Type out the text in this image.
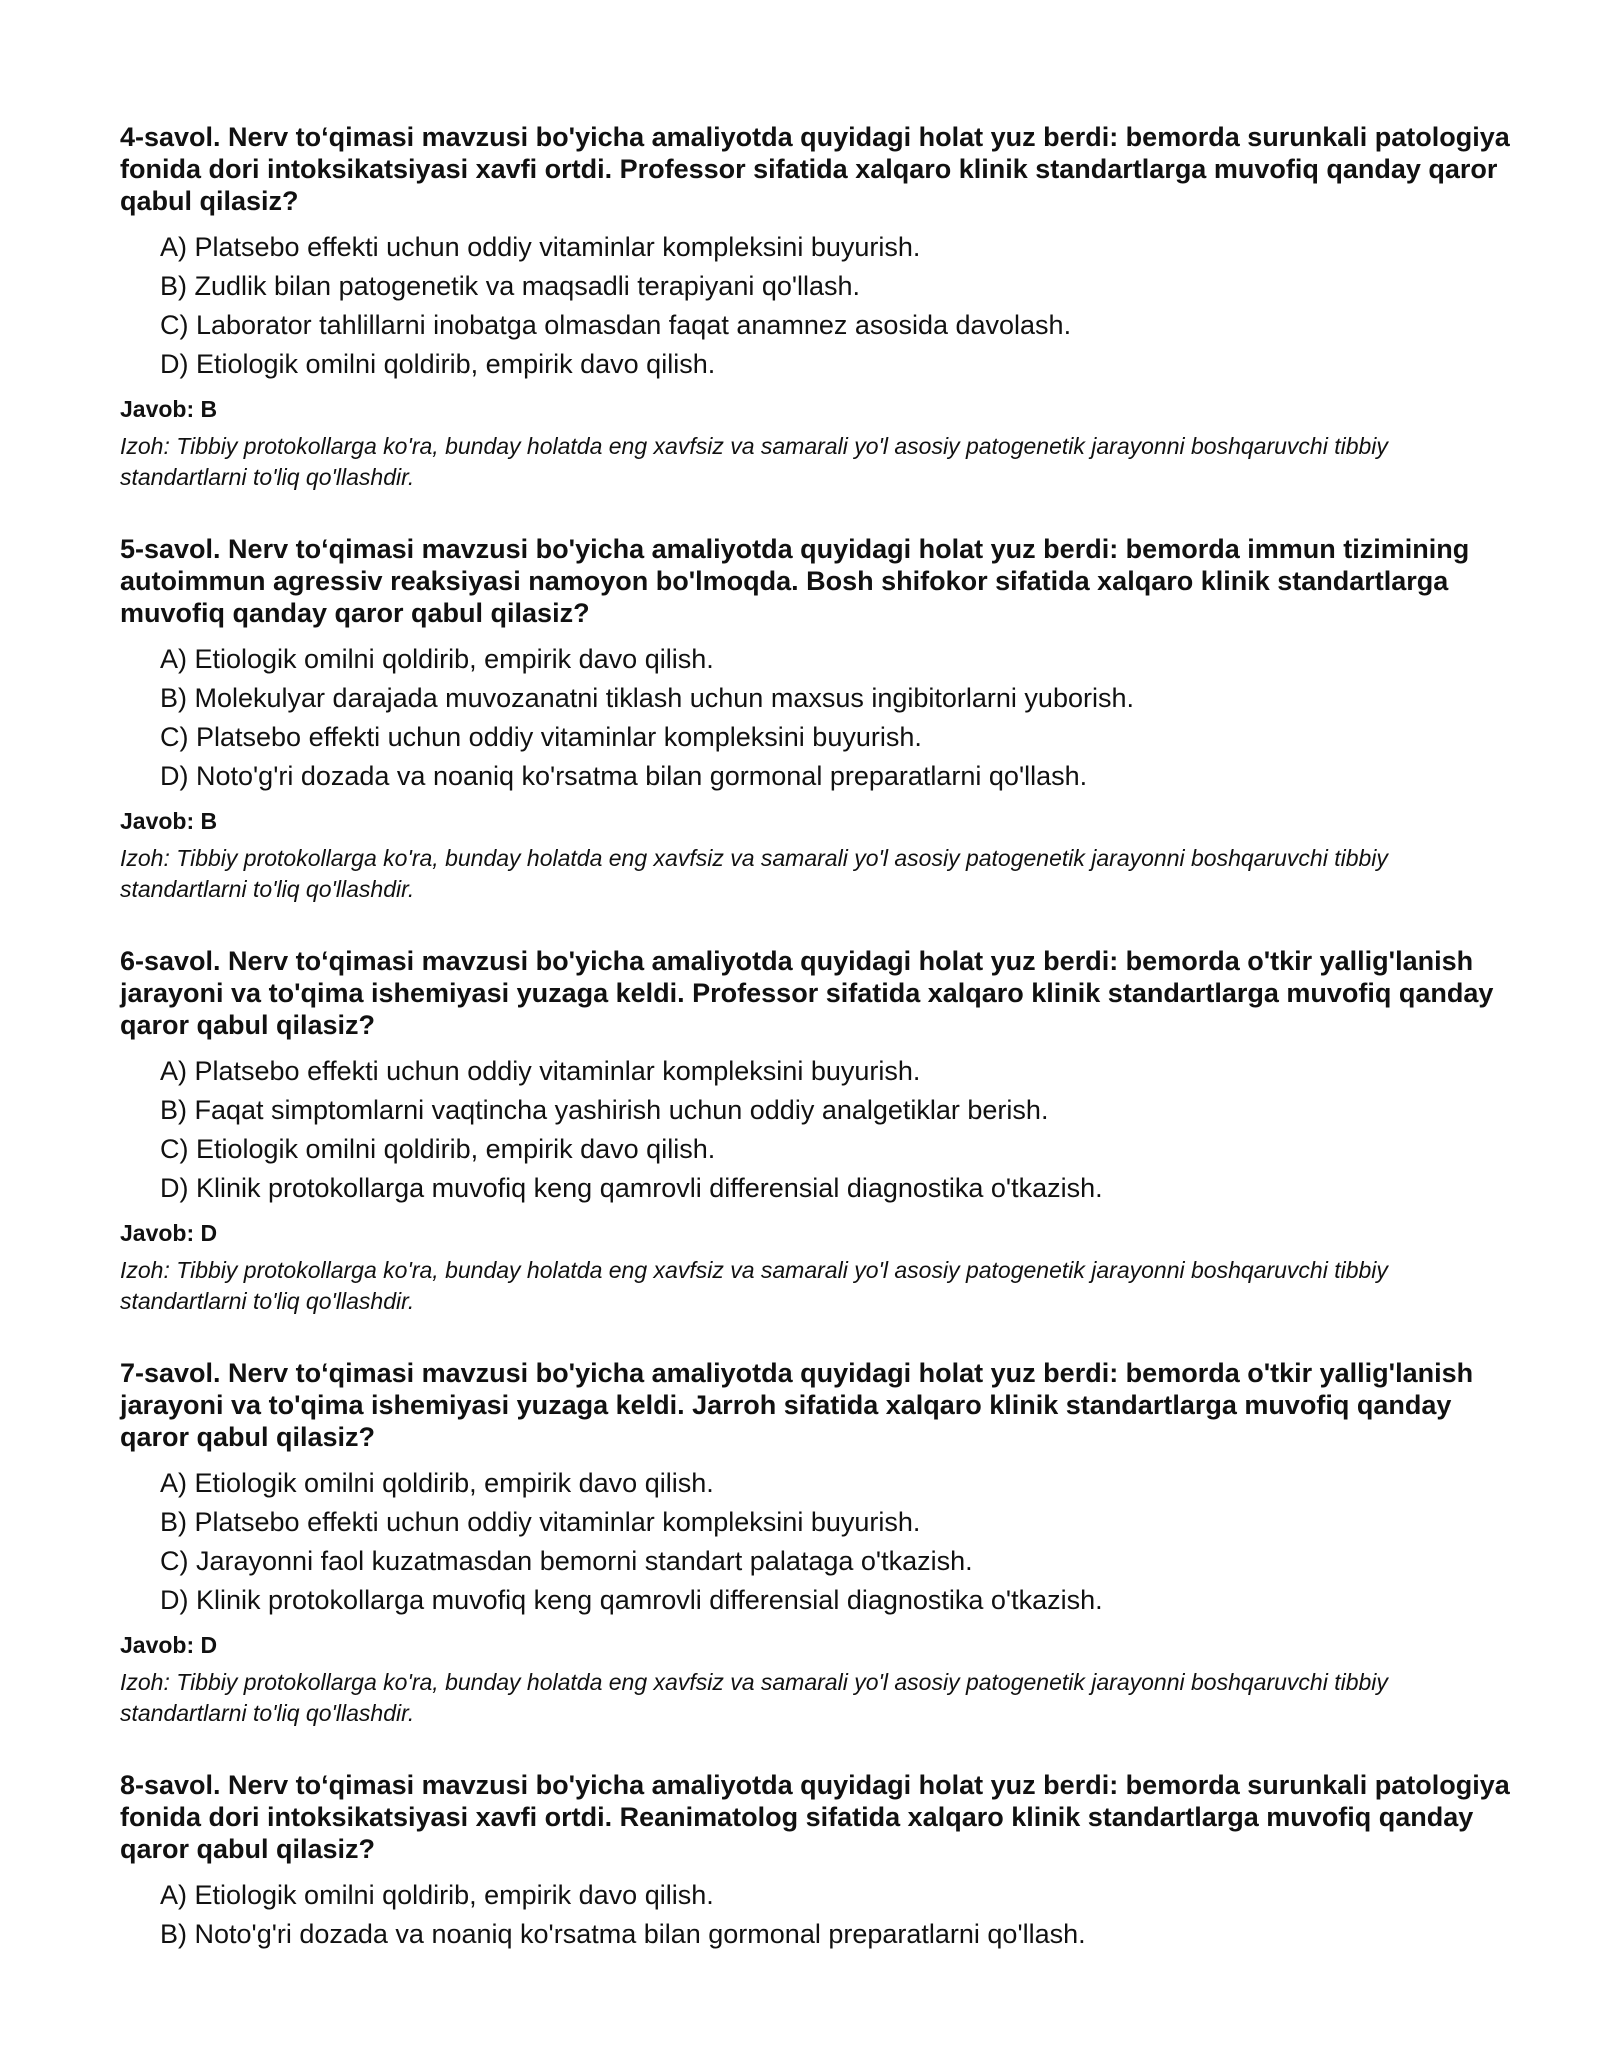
4-savol. Nerv to‘qimasi mavzusi bo'yicha amaliyotda quyidagi holat yuz berdi: bemorda surunkali patologiya fonida dori intoksikatsiyasi xavfi ortdi. Professor sifatida xalqaro klinik standartlarga muvofiq qanday qaror qabul qilasiz?
A) Platsebo effekti uchun oddiy vitaminlar kompleksini buyurish.
B) Zudlik bilan patogenetik va maqsadli terapiyani qo'llash.
C) Laborator tahlillarni inobatga olmasdan faqat anamnez asosida davolash.
D) Etiologik omilni qoldirib, empirik davo qilish.
Javob: B
Izoh: Tibbiy protokollarga ko'ra, bunday holatda eng xavfsiz va samarali yo'l asosiy patogenetik jarayonni boshqaruvchi tibbiy standartlarni to'liq qo'llashdir.
5-savol. Nerv to‘qimasi mavzusi bo'yicha amaliyotda quyidagi holat yuz berdi: bemorda immun tizimining autoimmun agressiv reaksiyasi namoyon bo'lmoqda. Bosh shifokor sifatida xalqaro klinik standartlarga muvofiq qanday qaror qabul qilasiz?
A) Etiologik omilni qoldirib, empirik davo qilish.
B) Molekulyar darajada muvozanatni tiklash uchun maxsus ingibitorlarni yuborish.
C) Platsebo effekti uchun oddiy vitaminlar kompleksini buyurish.
D) Noto'g'ri dozada va noaniq ko'rsatma bilan gormonal preparatlarni qo'llash.
Javob: B
Izoh: Tibbiy protokollarga ko'ra, bunday holatda eng xavfsiz va samarali yo'l asosiy patogenetik jarayonni boshqaruvchi tibbiy standartlarni to'liq qo'llashdir.
6-savol. Nerv to‘qimasi mavzusi bo'yicha amaliyotda quyidagi holat yuz berdi: bemorda o'tkir yallig'lanish jarayoni va to'qima ishemiyasi yuzaga keldi. Professor sifatida xalqaro klinik standartlarga muvofiq qanday qaror qabul qilasiz?
A) Platsebo effekti uchun oddiy vitaminlar kompleksini buyurish.
B) Faqat simptomlarni vaqtincha yashirish uchun oddiy analgetiklar berish.
C) Etiologik omilni qoldirib, empirik davo qilish.
D) Klinik protokollarga muvofiq keng qamrovli differensial diagnostika o'tkazish.
Javob: D
Izoh: Tibbiy protokollarga ko'ra, bunday holatda eng xavfsiz va samarali yo'l asosiy patogenetik jarayonni boshqaruvchi tibbiy standartlarni to'liq qo'llashdir.
7-savol. Nerv to‘qimasi mavzusi bo'yicha amaliyotda quyidagi holat yuz berdi: bemorda o'tkir yallig'lanish jarayoni va to'qima ishemiyasi yuzaga keldi. Jarroh sifatida xalqaro klinik standartlarga muvofiq qanday qaror qabul qilasiz?
A) Etiologik omilni qoldirib, empirik davo qilish.
B) Platsebo effekti uchun oddiy vitaminlar kompleksini buyurish.
C) Jarayonni faol kuzatmasdan bemorni standart palataga o'tkazish.
D) Klinik protokollarga muvofiq keng qamrovli differensial diagnostika o'tkazish.
Javob: D
Izoh: Tibbiy protokollarga ko'ra, bunday holatda eng xavfsiz va samarali yo'l asosiy patogenetik jarayonni boshqaruvchi tibbiy standartlarni to'liq qo'llashdir.
8-savol. Nerv to‘qimasi mavzusi bo'yicha amaliyotda quyidagi holat yuz berdi: bemorda surunkali patologiya fonida dori intoksikatsiyasi xavfi ortdi. Reanimatolog sifatida xalqaro klinik standartlarga muvofiq qanday qaror qabul qilasiz?
A) Etiologik omilni qoldirib, empirik davo qilish.
B) Noto'g'ri dozada va noaniq ko'rsatma bilan gormonal preparatlarni qo'llash.
